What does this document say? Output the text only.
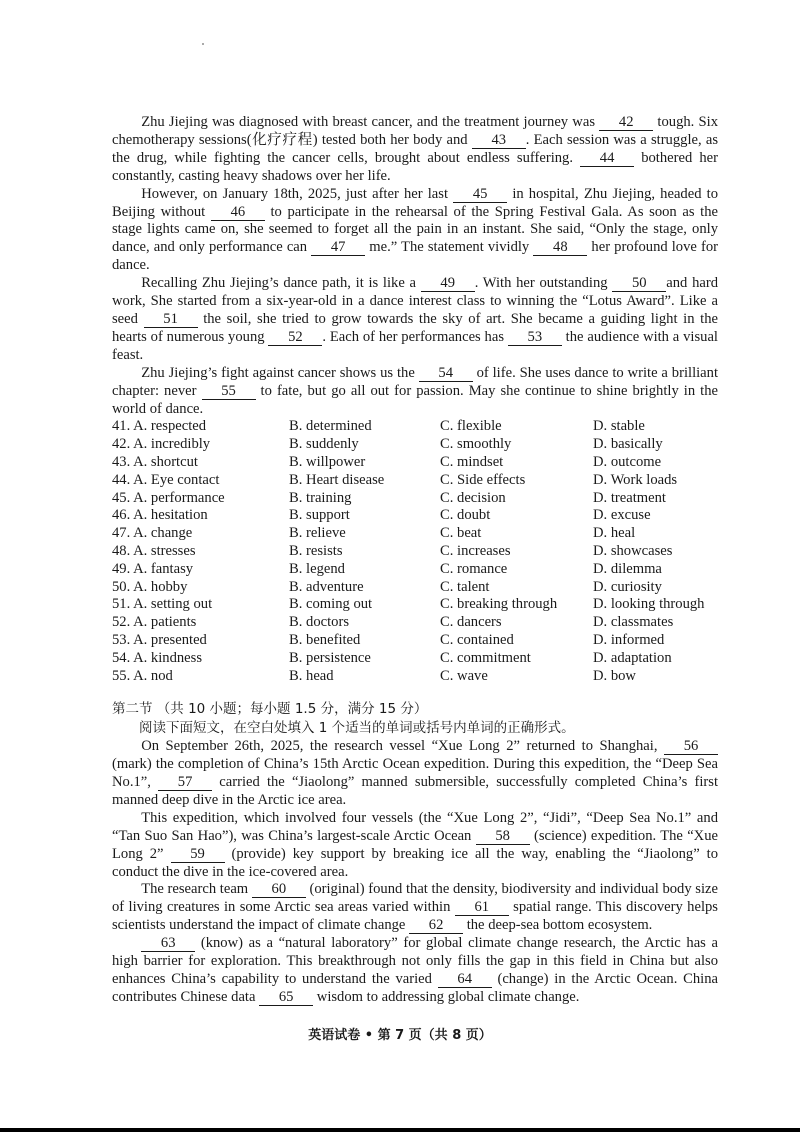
Zhu Jiejing was diagnosed with breast cancer, and the treatment journey was 42 tough. Six chemotherapy sessions(化疗疗程) tested both her body and 43 . Each session was a struggle, as the drug, while fighting the cancer cells, brought about endless suffering. 44 bothered her constantly, casting heavy shadows over her life.

However, on January 18th, 2025, just after her last 45 in hospital, Zhu Jiejing, headed to Beijing without 46 to participate in the rehearsal of the Spring Festival Gala. As soon as the stage lights came on, she seemed to forget all the pain in an instant. She said, “Only the stage, only dance, and only performance can 47 me.” The statement vividly 48 her profound love for dance.

Recalling Zhu Jiejing’s dance path, it is like a 49 . With her outstanding 50 and hard work, She started from a six-year-old in a dance interest class to winning the “Lotus Award”. Like a seed 51 the soil, she tried to grow towards the sky of art. She became a guiding light in the hearts of numerous young 52 . Each of her performances has 53 the audience with a visual feast.

Zhu Jiejing’s fight against cancer shows us the 54 of life. She uses dance to write a brilliant chapter: never 55 to fate, but go all out for passion. May she continue to shine brightly in the world of dance.

41. A. respected	B. determined	C. flexible	D. stable
42. A. incredibly	B. suddenly	C. smoothly	D. basically
43. A. shortcut	B. willpower	C. mindset	D. outcome
44. A. Eye contact	B. Heart disease	C. Side effects	D. Work loads
45. A. performance	B. training	C. decision	D. treatment
46. A. hesitation	B. support	C. doubt	D. excuse
47. A. change	B. relieve	C. beat	D. heal
48. A. stresses	B. resists	C. increases	D. showcases
49. A. fantasy	B. legend	C. romance	D. dilemma
50. A. hobby	B. adventure	C. talent	D. curiosity
51. A. setting out	B. coming out	C. breaking through	D. looking through
52. A. patients	B. doctors	C. dancers	D. classmates
53. A. presented	B. benefited	C. contained	D. informed
54. A. kindness	B. persistence	C. commitment	D. adaptation
55. A. nod	B. head	C. wave	D. bow
第二节 （共 10 小题；每小题 1.5 分，满分 15 分）

阅读下面短文，在空白处填入 1 个适当的单词或括号内单词的正确形式。

On September 26th, 2025, the research vessel “Xue Long 2” returned to Shanghai, 56 (mark) the completion of China’s 15th Arctic Ocean expedition. During this expedition, the “Deep Sea No.1”, 57 carried the “Jiaolong” manned submersible, successfully completed China’s first manned deep dive in the Arctic ice area.

This expedition, which involved four vessels (the “Xue Long 2”, “Jidi”, “Deep Sea No.1” and “Tan Suo San Hao”), was China’s largest-scale Arctic Ocean 58 (science) expedition. The “Xue Long 2” 59 (provide) key support by breaking ice all the way, enabling the “Jiaolong” to conduct the dive in the ice-covered area.

The research team 60 (original) found that the density, biodiversity and individual body size of living creatures in some Arctic sea areas varied within 61 spatial range. This discovery helps scientists understand the impact of climate change 62 the deep-sea bottom ecosystem.

63 (know) as a “natural laboratory” for global climate change research, the Arctic has a high barrier for exploration. This breakthrough not only fills the gap in this field in China but also enhances China’s capability to understand the varied 64 (change) in the Arctic Ocean. China contributes Chinese data 65 wisdom to addressing global climate change.

英语试卷 • 第 7 页（共 8 页）
